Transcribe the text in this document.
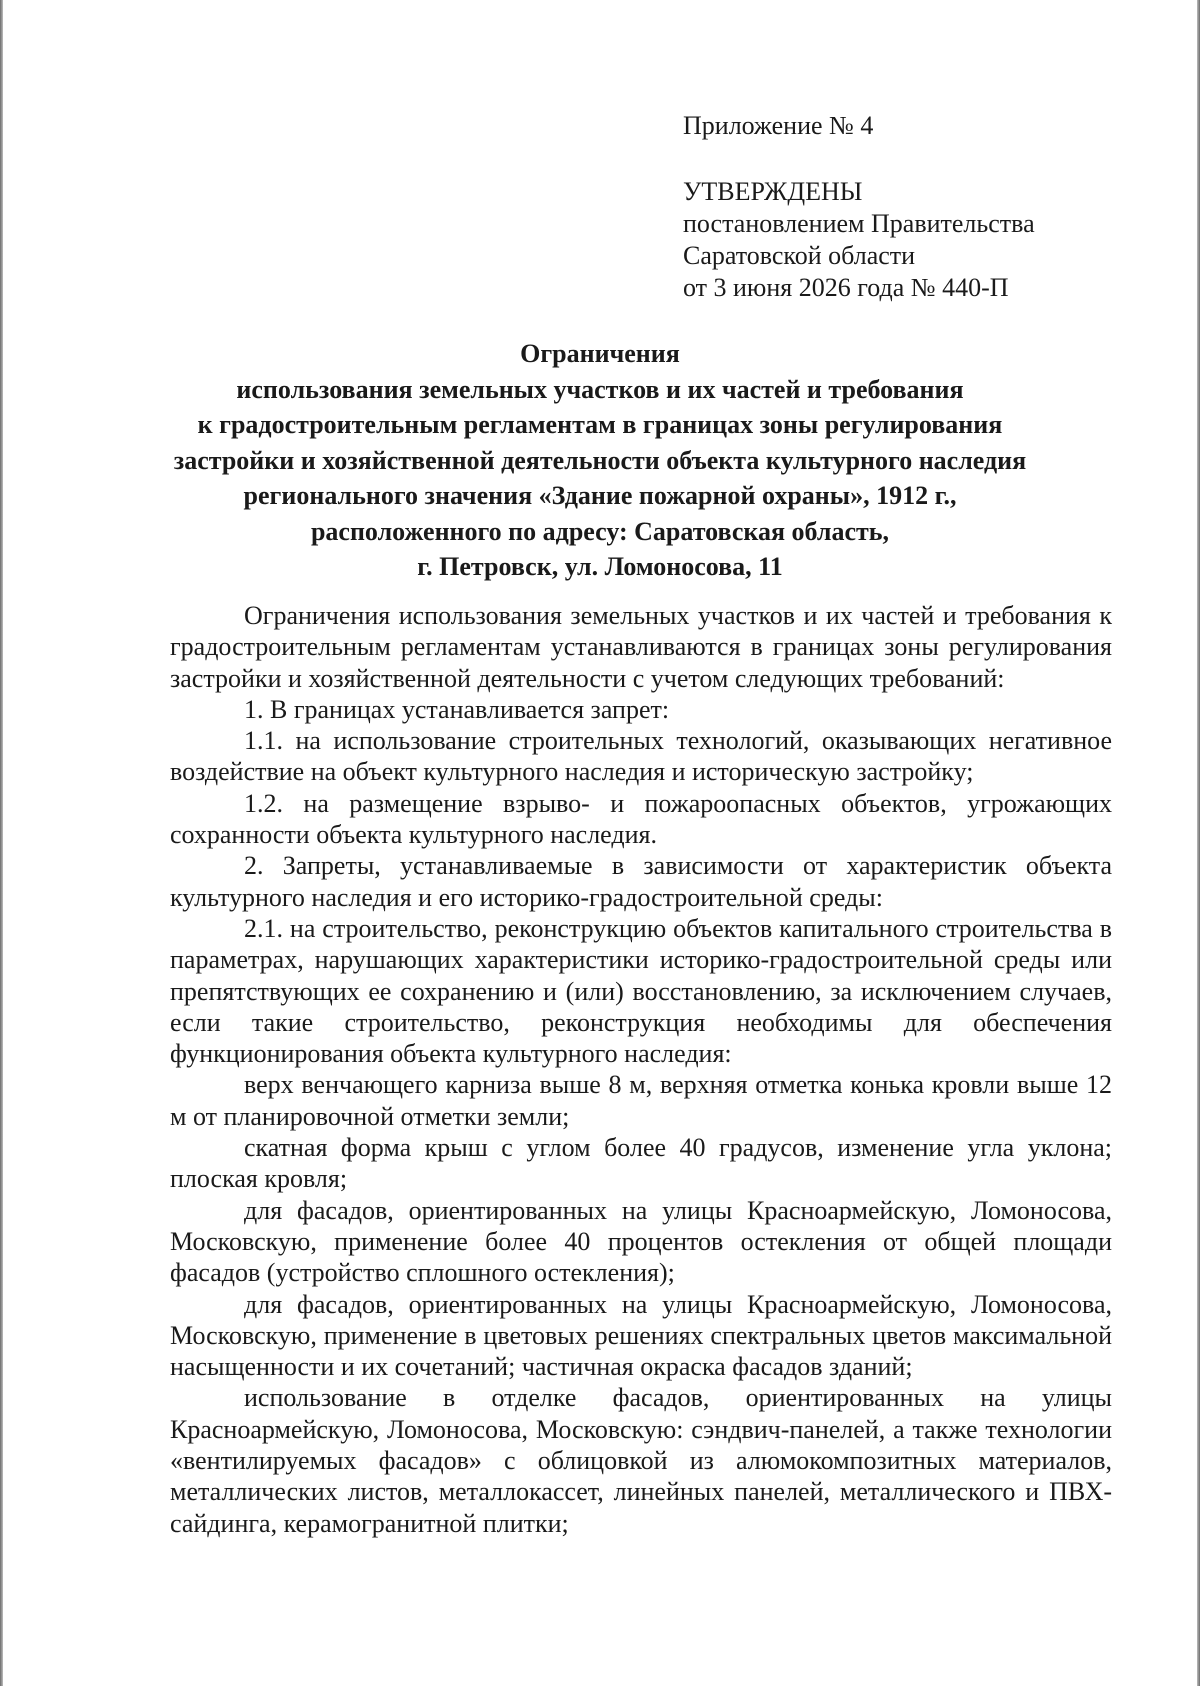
Приложение № 4
УТВЕРЖДЕНЫ
постановлением Правительства
Саратовской области
от 3 июня 2026 года № 440-П
Ограничения
использования земельных участков и их частей и требования
к градостроительным регламентам в границах зоны регулирования
застройки и хозяйственной деятельности объекта культурного наследия
регионального значения «Здание пожарной охраны», 1912 г.,
расположенного по адресу: Саратовская область,
г. Петровск, ул. Ломоносова, 11

Ограничения использования земельных участков и их частей и требования к градостроительным регламентам устанавливаются в границах зоны регулирования застройки и хозяйственной деятельности с учетом следующих требований:

1. В границах устанавливается запрет:

1.1. на использование строительных технологий, оказывающих негативное воздействие на объект культурного наследия и историческую застройку;

1.2. на размещение взрыво- и пожароопасных объектов, угрожающих сохранности объекта культурного наследия.

2. Запреты, устанавливаемые в зависимости от характеристик объекта культурного наследия и его историко-градостроительной среды:

2.1. на строительство, реконструкцию объектов капитального строительства в параметрах, нарушающих характеристики историко-градостроительной среды или препятствующих ее сохранению и (или) восстановлению, за исключением случаев, если такие строительство, реконструкция необходимы для обеспечения функционирования объекта культурного наследия:

верх венчающего карниза выше 8 м, верхняя отметка конька кровли выше 12 м от планировочной отметки земли;

скатная форма крыш с углом более 40 градусов, изменение угла уклона; плоская кровля;

для фасадов, ориентированных на улицы Красноармейскую, Ломоносова, Московскую, применение более 40 процентов остекления от общей площади фасадов (устройство сплошного остекления);

для фасадов, ориентированных на улицы Красноармейскую, Ломоносова, Московскую, применение в цветовых решениях спектральных цветов максимальной насыщенности и их сочетаний; частичная окраска фасадов зданий;

использование в отделке фасадов, ориентированных на улицы Красноармейскую, Ломоносова, Московскую: сэндвич-панелей, а также технологии «вентилируемых фасадов» с облицовкой из алюмокомпозитных материалов, металлических листов, металлокассет, линейных панелей, металлического и ПВХ- сайдинга, керамогранитной плитки;
